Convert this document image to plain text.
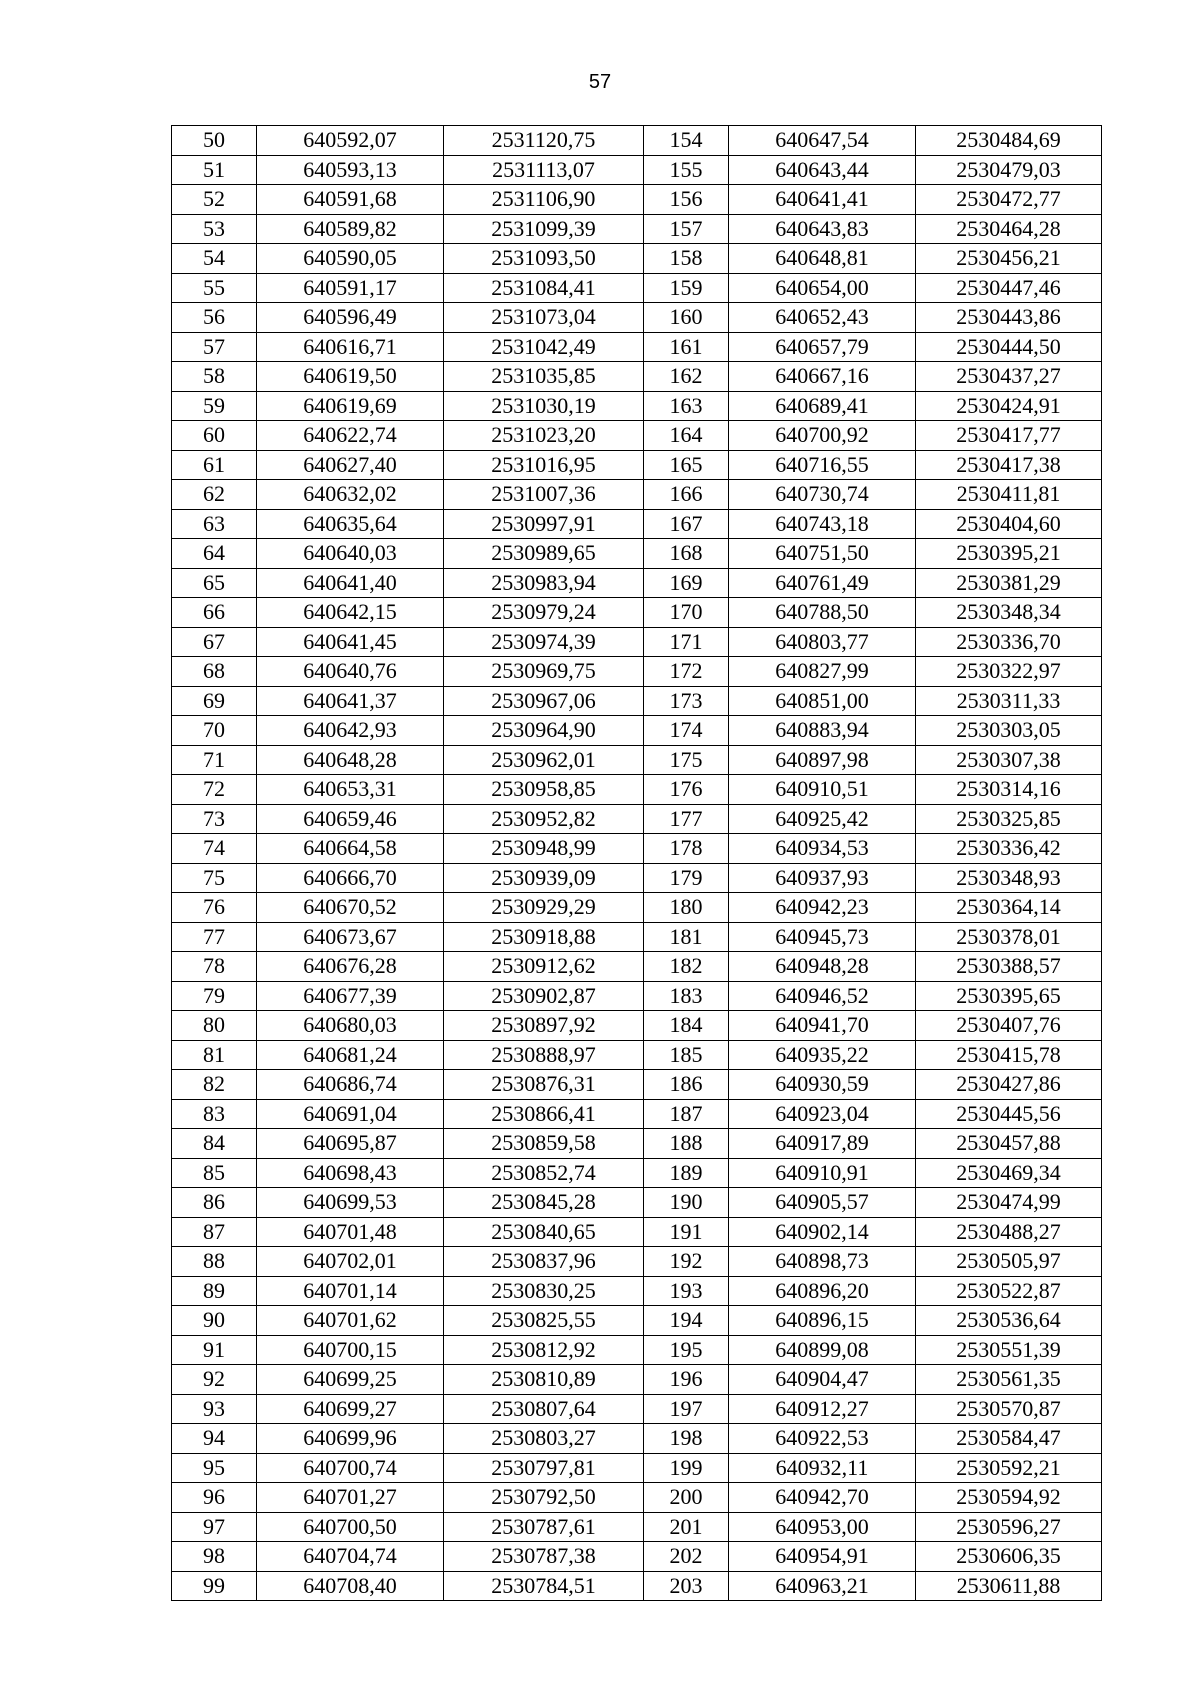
57
50	640592,07	2531120,75	154	640647,54	2530484,69
51	640593,13	2531113,07	155	640643,44	2530479,03
52	640591,68	2531106,90	156	640641,41	2530472,77
53	640589,82	2531099,39	157	640643,83	2530464,28
54	640590,05	2531093,50	158	640648,81	2530456,21
55	640591,17	2531084,41	159	640654,00	2530447,46
56	640596,49	2531073,04	160	640652,43	2530443,86
57	640616,71	2531042,49	161	640657,79	2530444,50
58	640619,50	2531035,85	162	640667,16	2530437,27
59	640619,69	2531030,19	163	640689,41	2530424,91
60	640622,74	2531023,20	164	640700,92	2530417,77
61	640627,40	2531016,95	165	640716,55	2530417,38
62	640632,02	2531007,36	166	640730,74	2530411,81
63	640635,64	2530997,91	167	640743,18	2530404,60
64	640640,03	2530989,65	168	640751,50	2530395,21
65	640641,40	2530983,94	169	640761,49	2530381,29
66	640642,15	2530979,24	170	640788,50	2530348,34
67	640641,45	2530974,39	171	640803,77	2530336,70
68	640640,76	2530969,75	172	640827,99	2530322,97
69	640641,37	2530967,06	173	640851,00	2530311,33
70	640642,93	2530964,90	174	640883,94	2530303,05
71	640648,28	2530962,01	175	640897,98	2530307,38
72	640653,31	2530958,85	176	640910,51	2530314,16
73	640659,46	2530952,82	177	640925,42	2530325,85
74	640664,58	2530948,99	178	640934,53	2530336,42
75	640666,70	2530939,09	179	640937,93	2530348,93
76	640670,52	2530929,29	180	640942,23	2530364,14
77	640673,67	2530918,88	181	640945,73	2530378,01
78	640676,28	2530912,62	182	640948,28	2530388,57
79	640677,39	2530902,87	183	640946,52	2530395,65
80	640680,03	2530897,92	184	640941,70	2530407,76
81	640681,24	2530888,97	185	640935,22	2530415,78
82	640686,74	2530876,31	186	640930,59	2530427,86
83	640691,04	2530866,41	187	640923,04	2530445,56
84	640695,87	2530859,58	188	640917,89	2530457,88
85	640698,43	2530852,74	189	640910,91	2530469,34
86	640699,53	2530845,28	190	640905,57	2530474,99
87	640701,48	2530840,65	191	640902,14	2530488,27
88	640702,01	2530837,96	192	640898,73	2530505,97
89	640701,14	2530830,25	193	640896,20	2530522,87
90	640701,62	2530825,55	194	640896,15	2530536,64
91	640700,15	2530812,92	195	640899,08	2530551,39
92	640699,25	2530810,89	196	640904,47	2530561,35
93	640699,27	2530807,64	197	640912,27	2530570,87
94	640699,96	2530803,27	198	640922,53	2530584,47
95	640700,74	2530797,81	199	640932,11	2530592,21
96	640701,27	2530792,50	200	640942,70	2530594,92
97	640700,50	2530787,61	201	640953,00	2530596,27
98	640704,74	2530787,38	202	640954,91	2530606,35
99	640708,40	2530784,51	203	640963,21	2530611,88
